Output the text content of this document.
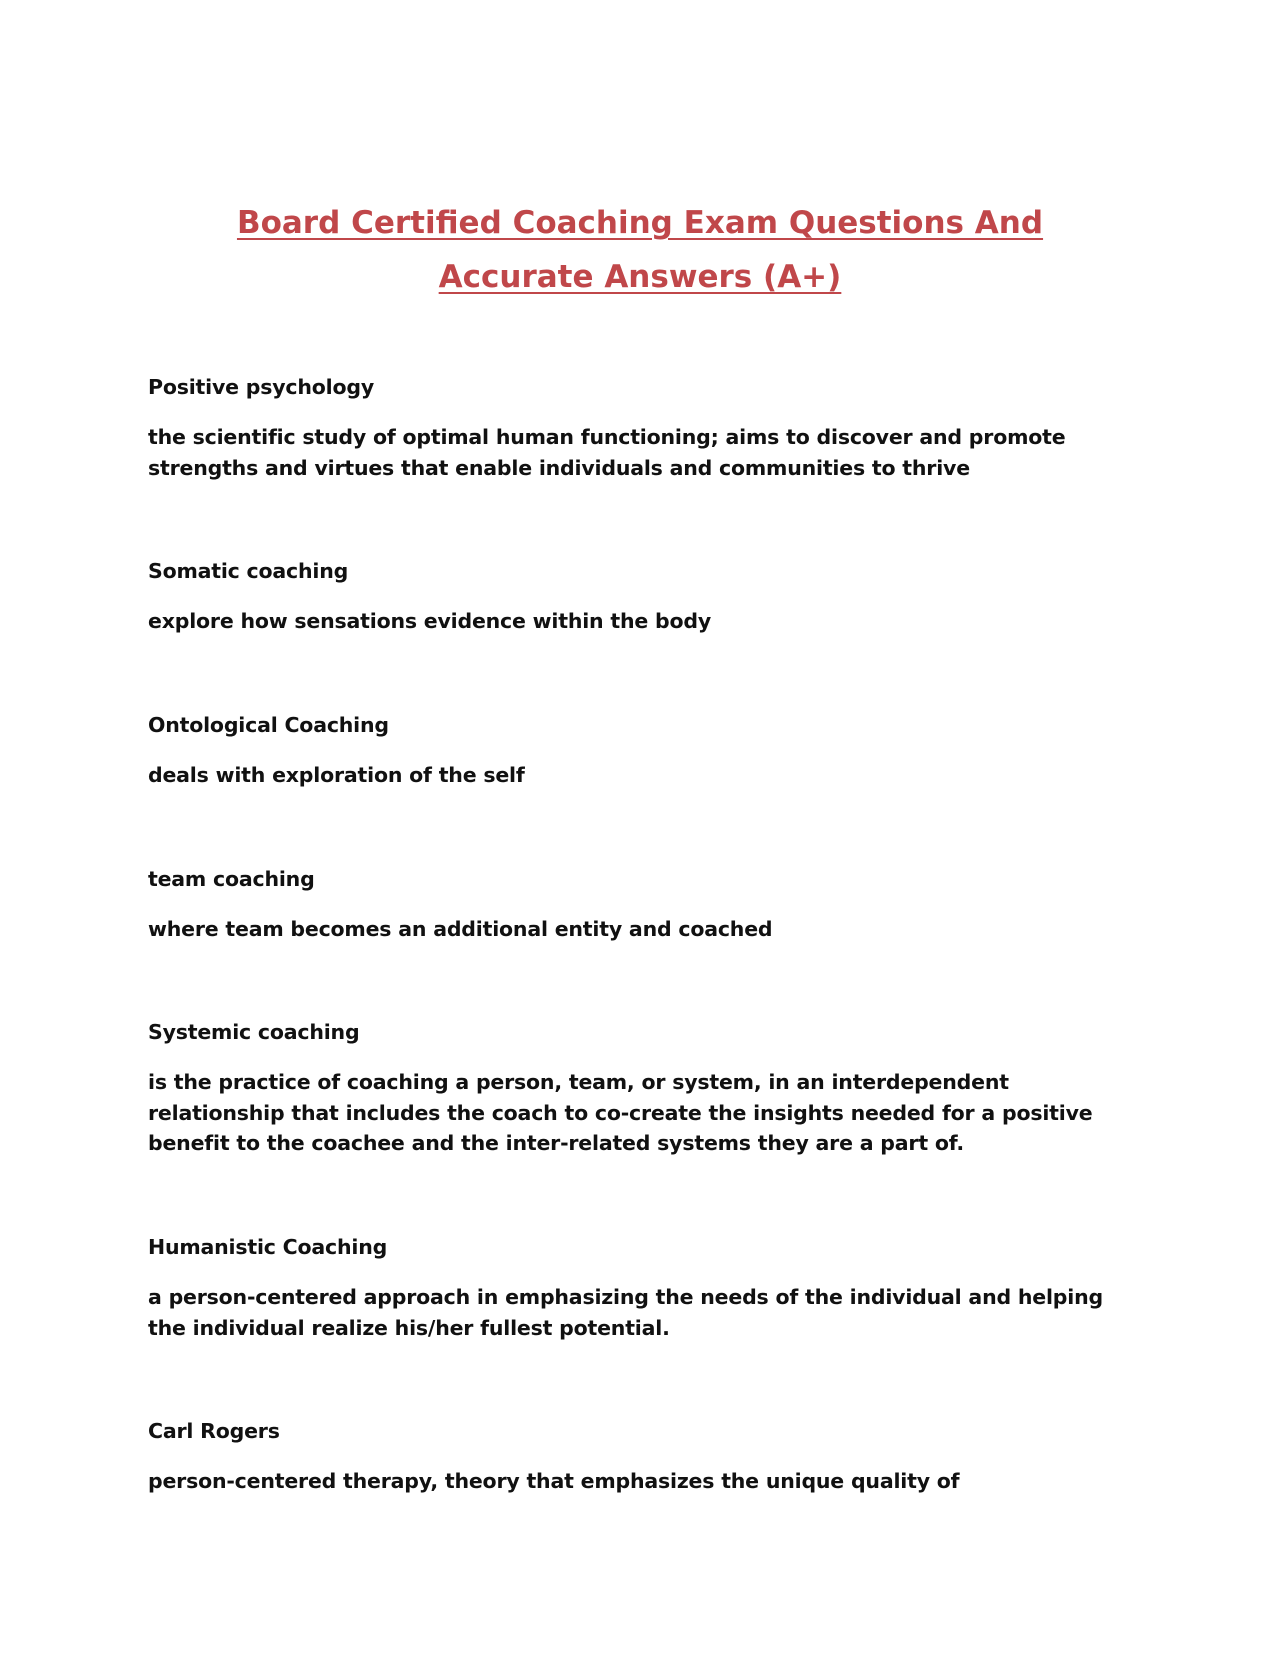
Board Certified Coaching Exam Questions And
Accurate Answers (A+)

Positive psychology

the scientific study of optimal human functioning; aims to discover and promote strengths and virtues that enable individuals and communities to thrive

Somatic coaching

explore how sensations evidence within the body

Ontological Coaching

deals with exploration of the self

team coaching

where team becomes an additional entity and coached

Systemic coaching

is the practice of coaching a person, team, or system, in an interdependent relationship that includes the coach to co-create the insights needed for a positive benefit to the coachee and the inter-related systems they are a part of.

Humanistic Coaching

a person-centered approach in emphasizing the needs of the individual and helping the individual realize his/her fullest potential.

Carl Rogers

person-centered therapy, theory that emphasizes the unique quality of
